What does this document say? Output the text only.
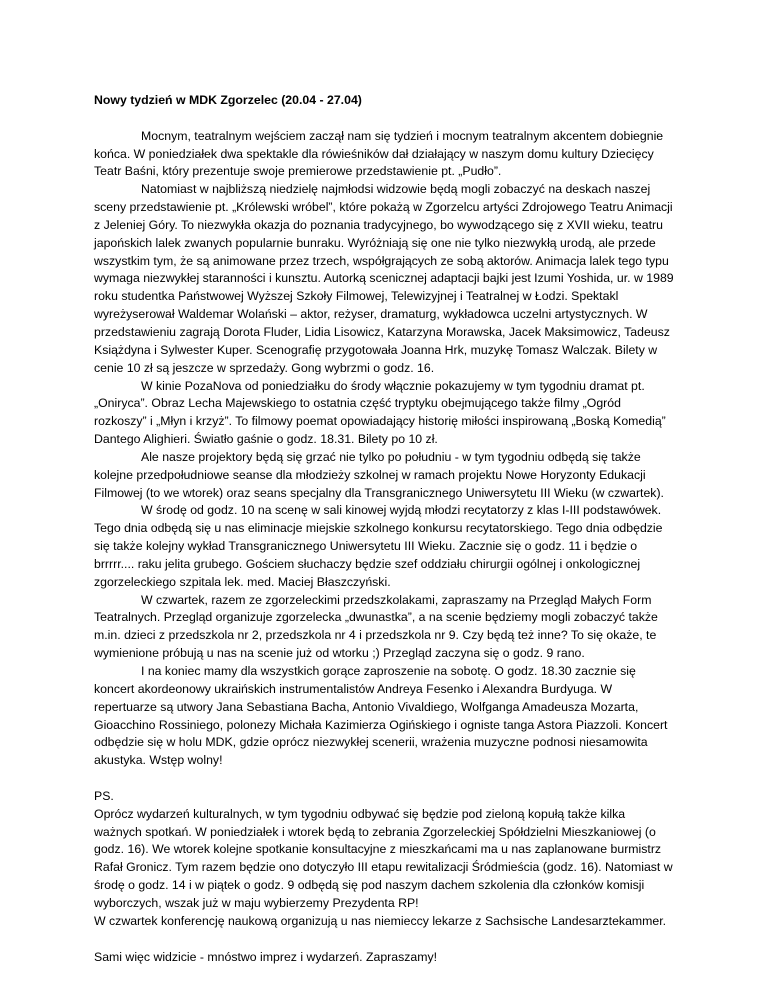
Nowy tydzień w MDK Zgorzelec (20.04 - 27.04)

Mocnym, teatralnym wejściem zaczął nam się tydzień i mocnym teatralnym akcentem dobiegnie końca. W poniedziałek dwa spektakle dla rówieśników dał działający w naszym domu kultury Dziecięcy Teatr Baśni, który prezentuje swoje premierowe przedstawienie pt. „Pudło”.

Natomiast w najbliższą niedzielę najmłodsi widzowie będą mogli zobaczyć na deskach naszej sceny przedstawienie pt. „Królewski wróbel”, które pokażą w Zgorzelcu artyści Zdrojowego Teatru Animacji z Jeleniej Góry. To niezwykła okazja do poznania tradycyjnego, bo wywodzącego się z XVII wieku, teatru japońskich lalek zwanych popularnie bunraku. Wyróżniają się one nie tylko niezwykłą urodą, ale przede wszystkim tym, że są animowane przez trzech, współgrających ze sobą aktorów. Animacja lalek tego typu wymaga niezwykłej staranności i kunsztu. Autorką scenicznej adaptacji bajki jest Izumi Yoshida, ur. w 1989 roku studentka Państwowej Wyższej Szkoły Filmowej, Telewizyjnej i Teatralnej w Łodzi. Spektakl wyreżyserował Waldemar Wolański – aktor, reżyser, dramaturg, wykładowca uczelni artystycznych. W przedstawieniu zagrają Dorota Fluder, Lidia Lisowicz, Katarzyna Morawska, Jacek Maksimowicz, Tadeusz Książdyna i Sylwester Kuper. Scenografię przygotowała Joanna Hrk, muzykę Tomasz Walczak. Bilety w cenie 10 zł są jeszcze w sprzedaży. Gong wybrzmi o godz. 16.

W kinie PozaNova od poniedziałku do środy włącznie pokazujemy w tym tygodniu dramat pt. „Oniryca”. Obraz Lecha Majewskiego to ostatnia część tryptyku obejmującego także filmy „Ogród rozkoszy” i „Młyn i krzyż”. To filmowy poemat opowiadający historię miłości inspirowaną „Boską Komedią” Dantego Alighieri. Światło gaśnie o godz. 18.31. Bilety po 10 zł.

Ale nasze projektory będą się grzać nie tylko po południu - w tym tygodniu odbędą się także kolejne przedpołudniowe seanse dla młodzieży szkolnej w ramach projektu Nowe Horyzonty Edukacji Filmowej (to we wtorek) oraz seans specjalny dla Transgranicznego Uniwersytetu III Wieku (w czwartek).

W środę od godz. 10 na scenę w sali kinowej wyjdą młodzi recytatorzy z klas I-III podstawówek. Tego dnia odbędą się u nas eliminacje miejskie szkolnego konkursu recytatorskiego. Tego dnia odbędzie się także kolejny wykład Transgranicznego Uniwersytetu III Wieku. Zacznie się o godz. 11 i będzie o brrrrr.... raku jelita grubego. Gościem słuchaczy będzie szef oddziału chirurgii ogólnej i onkologicznej zgorzeleckiego szpitala lek. med. Maciej Błaszczyński.

W czwartek, razem ze zgorzeleckimi przedszkolakami, zapraszamy na Przegląd Małych Form Teatralnych. Przegląd organizuje zgorzelecka „dwunastka”, a na scenie będziemy mogli zobaczyć także m.in. dzieci z przedszkola nr 2, przedszkola nr 4 i przedszkola nr 9. Czy będą też inne? To się okaże, te wymienione próbują u nas na scenie już od wtorku ;) Przegląd zaczyna się o godz. 9 rano.

I na koniec mamy dla wszystkich gorące zaproszenie na sobotę. O godz. 18.30 zacznie się koncert akordeonowy ukraińskich instrumentalistów Andreya Fesenko i Alexandra Burdyuga. W repertuarze są utwory Jana Sebastiana Bacha, Antonio Vivaldiego, Wolfganga Amadeusza Mozarta, Gioacchino Rossiniego, polonezy Michała Kazimierza Ogińskiego i ogniste tanga Astora Piazzoli. Koncert odbędzie się w holu MDK, gdzie oprócz niezwykłej scenerii, wrażenia muzyczne podnosi niesamowita akustyka. Wstęp wolny!

PS.

Oprócz wydarzeń kulturalnych, w tym tygodniu odbywać się będzie pod zieloną kopułą także kilka ważnych spotkań. W poniedziałek i wtorek będą to zebrania Zgorzeleckiej Spółdzielni Mieszkaniowej (o godz. 16). We wtorek kolejne spotkanie konsultacyjne z mieszkańcami ma u nas zaplanowane burmistrz Rafał Gronicz. Tym razem będzie ono dotyczyło III etapu rewitalizacji Śródmieścia (godz. 16). Natomiast w środę o godz. 14 i w piątek o godz. 9 odbędą się pod naszym dachem szkolenia dla członków komisji wyborczych, wszak już w maju wybierzemy Prezydenta RP!

W czwartek konferencję naukową organizują u nas niemieccy lekarze z Sachsische Landesarztekammer.

Sami więc widzicie - mnóstwo imprez i wydarzeń. Zapraszamy!
